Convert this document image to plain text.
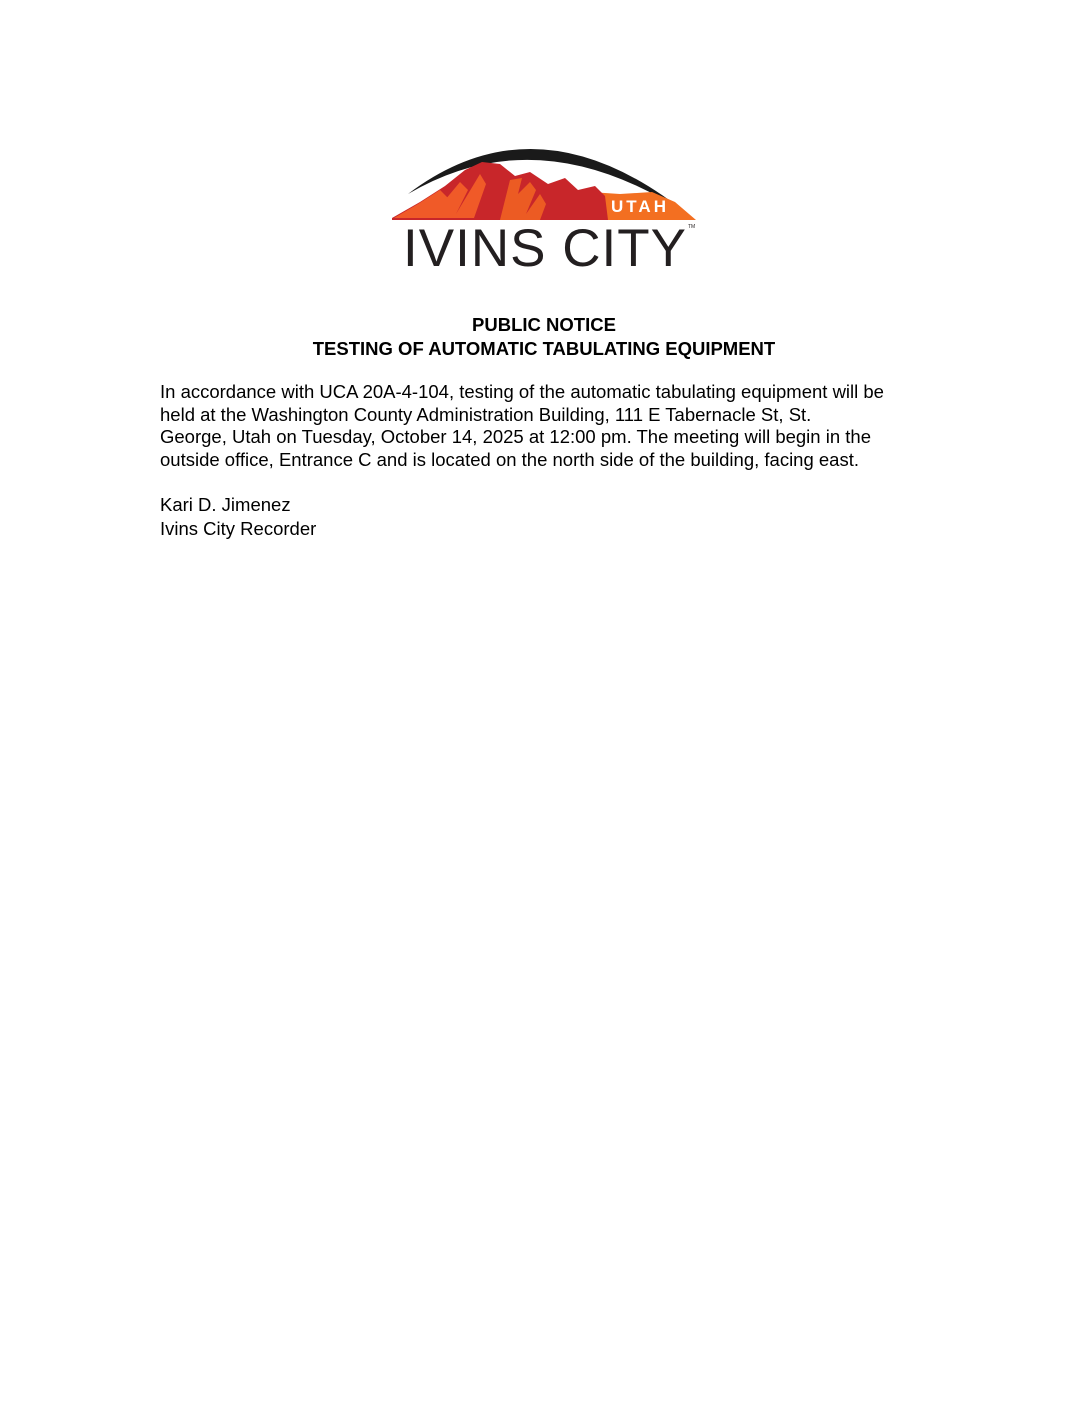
UTAH
IVINS CITY TM
PUBLIC NOTICE
TESTING OF AUTOMATIC TABULATING EQUIPMENT
In accordance with UCA 20A-4-104, testing of the automatic tabulating equipment will be
held at the Washington County Administration Building, 111 E Tabernacle St, St.
George, Utah on Tuesday, October 14, 2025 at 12:00 pm. The meeting will begin in the
outside office, Entrance C and is located on the north side of the building, facing east.
Kari D. Jimenez
Ivins City Recorder
